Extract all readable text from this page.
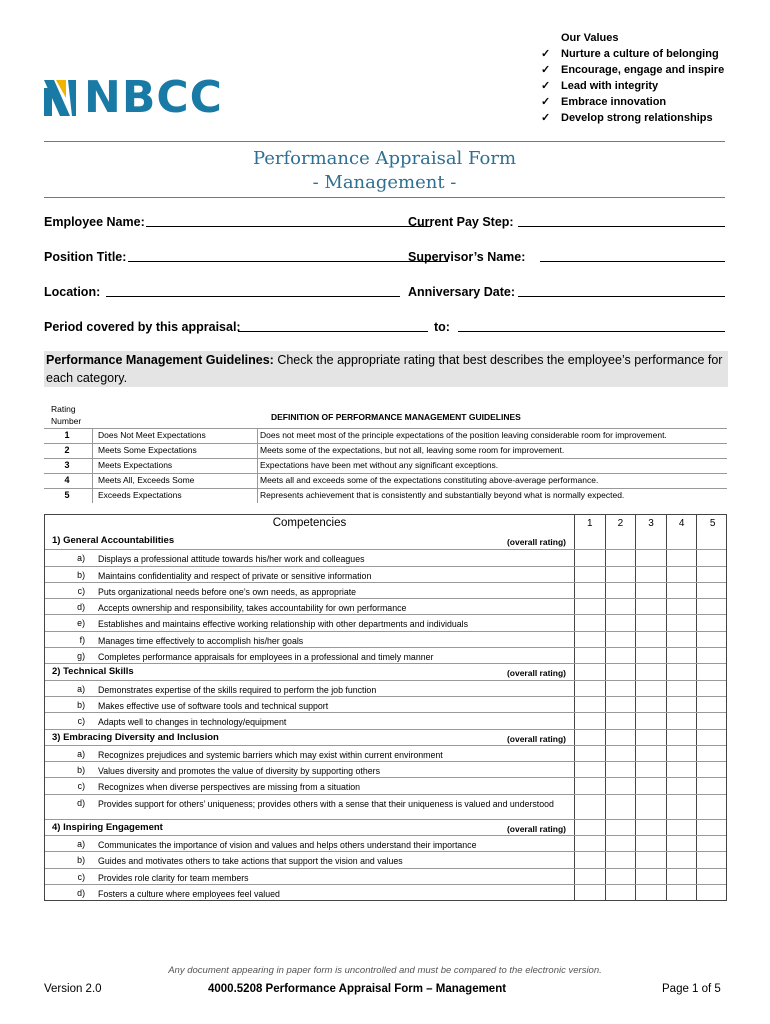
NBCC
Our Values
✓ Nurture a culture of belonging
✓ Encourage, engage and inspire
✓ Lead with integrity
✓ Embrace innovation
✓ Develop strong relationships
Performance Appraisal Form
- Management -
Employee Name:	Current Pay Step:
Position Title:	Supervisor’s Name:
Location:	Anniversary Date:
Period covered by this appraisal:	to:
Performance Management Guidelines: Check the appropriate rating that best describes the employee’s performance for each category.
Rating
Number	DEFINITION OF PERFORMANCE MANAGEMENT GUIDELINES
1	Does Not Meet Expectations	Does not meet most of the principle expectations of the position leaving considerable room for improvement.
2	Meets Some Expectations	Meets some of the expectations, but not all, leaving some room for improvement.
3	Meets Expectations	Expectations have been met without any significant exceptions.
4	Meets All, Exceeds Some	Meets all and exceeds some of the expectations constituting above-average performance.
5	Exceeds Expectations	Represents achievement that is consistently and substantially beyond what is normally expected.
Competencies	1	2	3	4	5
1) General Accountabilities	(overall rating)
a) Displays a professional attitude towards his/her work and colleagues
b) Maintains confidentiality and respect of private or sensitive information
c) Puts organizational needs before one’s own needs, as appropriate
d) Accepts ownership and responsibility, takes accountability for own performance
e) Establishes and maintains effective working relationship with other departments and individuals
f) Manages time effectively to accomplish his/her goals
g) Completes performance appraisals for employees in a professional and timely manner
2) Technical Skills	(overall rating)
a) Demonstrates expertise of the skills required to perform the job function
b) Makes effective use of software tools and technical support
c) Adapts well to changes in technology/equipment
3) Embracing Diversity and Inclusion	(overall rating)
a) Recognizes prejudices and systemic barriers which may exist within current environment
b) Values diversity and promotes the value of diversity by supporting others
c) Recognizes when diverse perspectives are missing from a situation
d) Provides support for others’ uniqueness; provides others with a sense that their uniqueness is valued and understood
4) Inspiring Engagement	(overall rating)
a) Communicates the importance of vision and values and helps others understand their importance
b) Guides and motivates others to take actions that support the vision and values
c) Provides role clarity for team members
d) Fosters a culture where employees feel valued
Any document appearing in paper form is uncontrolled and must be compared to the electronic version.
Version 2.0	4000.5208 Performance Appraisal Form – Management	Page 1 of 5
